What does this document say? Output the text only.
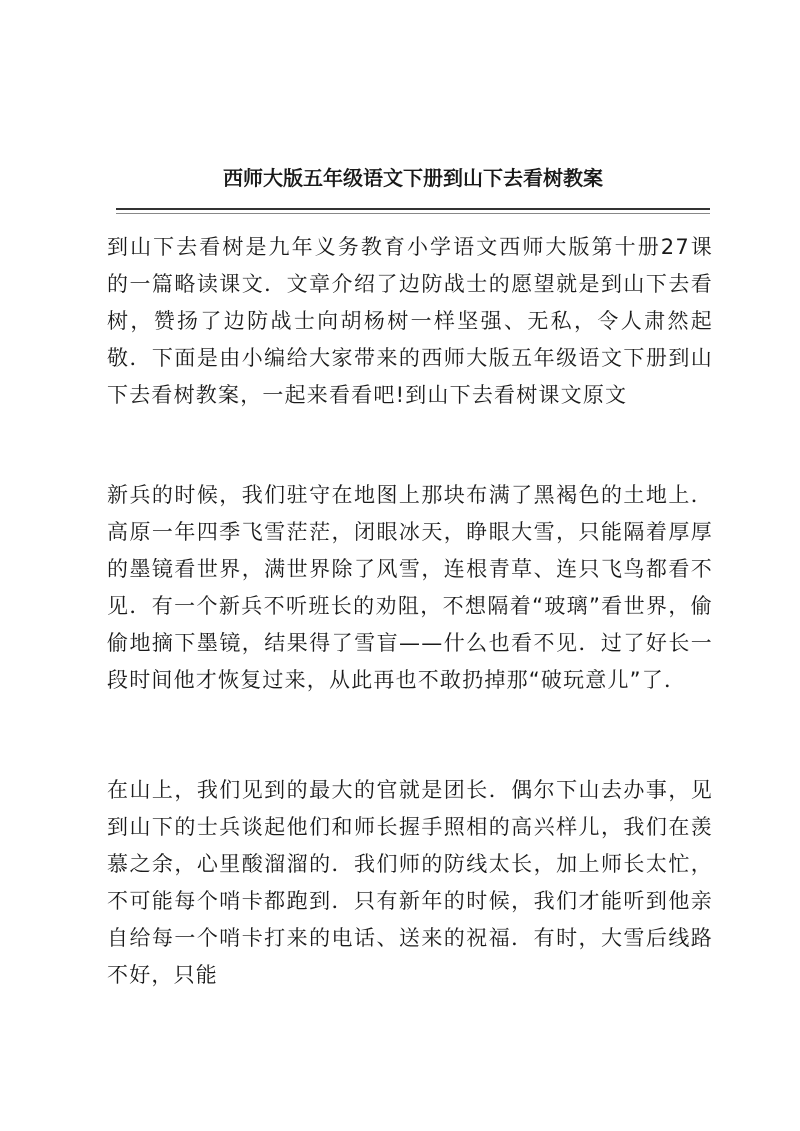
西师大版五年级语文下册到山下去看树教案

到山下去看树是九年义务教育小学语文西师大版第十册27课的一篇略读课文．文章介绍了边防战士的愿望就是到山下去看树，赞扬了边防战士向胡杨树一样坚强、无私，令人肃然起敬．下面是由小编给大家带来的西师大版五年级语文下册到山下去看树教案，一起来看看吧!到山下去看树课文原文

新兵的时候，我们驻守在地图上那块布满了黑褐色的土地上．高原一年四季飞雪茫茫，闭眼冰天，睁眼大雪，只能隔着厚厚的墨镜看世界，满世界除了风雪，连根青草、连只飞鸟都看不见．有一个新兵不听班长的劝阻，不想隔着“玻璃”看世界，偷偷地摘下墨镜，结果得了雪盲——什么也看不见．过了好长一段时间他才恢复过来，从此再也不敢扔掉那“破玩意儿”了．

在山上，我们见到的最大的官就是团长．偶尔下山去办事，见到山下的士兵谈起他们和师长握手照相的高兴样儿，我们在羡慕之余，心里酸溜溜的．我们师的防线太长，加上师长太忙，不可能每个哨卡都跑到．只有新年的时候，我们才能听到他亲自给每一个哨卡打来的电话、送来的祝福．有时，大雪后线路不好，只能
